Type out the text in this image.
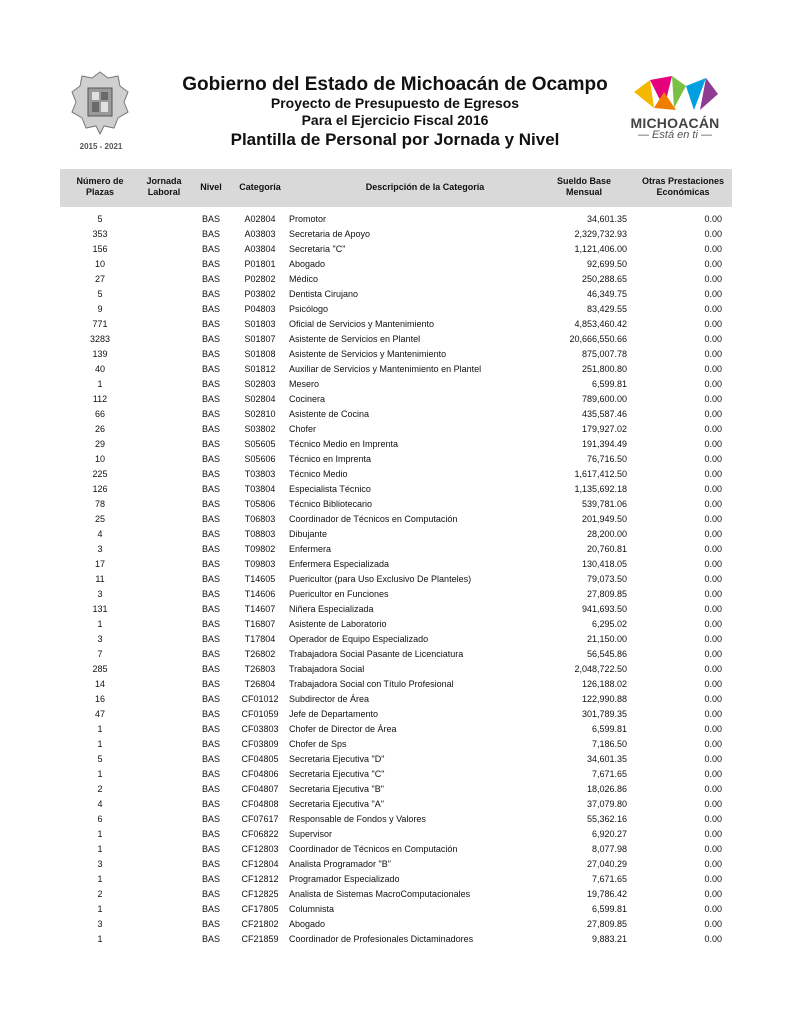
2015 - 2021
Gobierno del Estado de Michoacán de Ocampo
Proyecto de Presupuesto de Egresos
Para el Ejercicio Fiscal 2016
Plantilla de Personal por Jornada y Nivel
MICHOACÁN
— Está en ti —
Número de
Plazas
Jornada
Laboral	Nivel	Categoría	Descripción de la Categoría
Sueldo Base
Mensual
Otras Prestaciones
Económicas
5	BAS	A02804	Promotor	34,601.35	0.00
353	BAS	A03803	Secretaria de Apoyo	2,329,732.93	0.00
156	BAS	A03804	Secretaria "C"	1,121,406.00	0.00
10	BAS	P01801	Abogado	92,699.50	0.00
27	BAS	P02802	Médico	250,288.65	0.00
5	BAS	P03802	Dentista Cirujano	46,349.75	0.00
9	BAS	P04803	Psicólogo	83,429.55	0.00
771	BAS	S01803	Oficial de Servicios y Mantenimiento	4,853,460.42	0.00
3283	BAS	S01807	Asistente de Servicios en Plantel	20,666,550.66	0.00
139	BAS	S01808	Asistente de Servicios y Mantenimiento	875,007.78	0.00
40	BAS	S01812	Auxiliar de Servicios y Mantenimiento en Plantel	251,800.80	0.00
1	BAS	S02803	Mesero	6,599.81	0.00
112	BAS	S02804	Cocinera	789,600.00	0.00
66	BAS	S02810	Asistente de Cocina	435,587.46	0.00
26	BAS	S03802	Chofer	179,927.02	0.00
29	BAS	S05605	Técnico Medio en Imprenta	191,394.49	0.00
10	BAS	S05606	Técnico en Imprenta	76,716.50	0.00
225	BAS	T03803	Técnico Medio	1,617,412.50	0.00
126	BAS	T03804	Especialista Técnico	1,135,692.18	0.00
78	BAS	T05806	Técnico Bibliotecario	539,781.06	0.00
25	BAS	T06803	Coordinador de Técnicos en Computación	201,949.50	0.00
4	BAS	T08803	Dibujante	28,200.00	0.00
3	BAS	T09802	Enfermera	20,760.81	0.00
17	BAS	T09803	Enfermera Especializada	130,418.05	0.00
11	BAS	T14605	Puericultor (para Uso Exclusivo De Planteles)	79,073.50	0.00
3	BAS	T14606	Puericultor en Funciones	27,809.85	0.00
131	BAS	T14607	Niñera Especializada	941,693.50	0.00
1	BAS	T16807	Asistente de Laboratorio	6,295.02	0.00
3	BAS	T17804	Operador de Equipo Especializado	21,150.00	0.00
7	BAS	T26802	Trabajadora Social Pasante de Licenciatura	56,545.86	0.00
285	BAS	T26803	Trabajadora Social	2,048,722.50	0.00
14	BAS	T26804	Trabajadora Social con Título Profesional	126,188.02	0.00
16	BAS	CF01012	Subdirector de Área	122,990.88	0.00
47	BAS	CF01059	Jefe de Departamento	301,789.35	0.00
1	BAS	CF03803	Chofer de Director de Área	6,599.81	0.00
1	BAS	CF03809	Chofer de Sps	7,186.50	0.00
5	BAS	CF04805	Secretaria Ejecutiva "D"	34,601.35	0.00
1	BAS	CF04806	Secretaria Ejecutiva "C"	7,671.65	0.00
2	BAS	CF04807	Secretaria Ejecutiva "B"	18,026.86	0.00
4	BAS	CF04808	Secretaria Ejecutiva "A"	37,079.80	0.00
6	BAS	CF07617	Responsable de Fondos y Valores	55,362.16	0.00
1	BAS	CF06822	Supervisor	6,920.27	0.00
1	BAS	CF12803	Coordinador de Técnicos en Computación	8,077.98	0.00
3	BAS	CF12804	Analista Programador "B"	27,040.29	0.00
1	BAS	CF12812	Programador Especializado	7,671.65	0.00
2	BAS	CF12825	Analista de Sistemas MacroComputacionales	19,786.42	0.00
1	BAS	CF17805	Columnista	6,599.81	0.00
3	BAS	CF21802	Abogado	27,809.85	0.00
1	BAS	CF21859	Coordinador de Profesionales Dictaminadores	9,883.21	0.00
